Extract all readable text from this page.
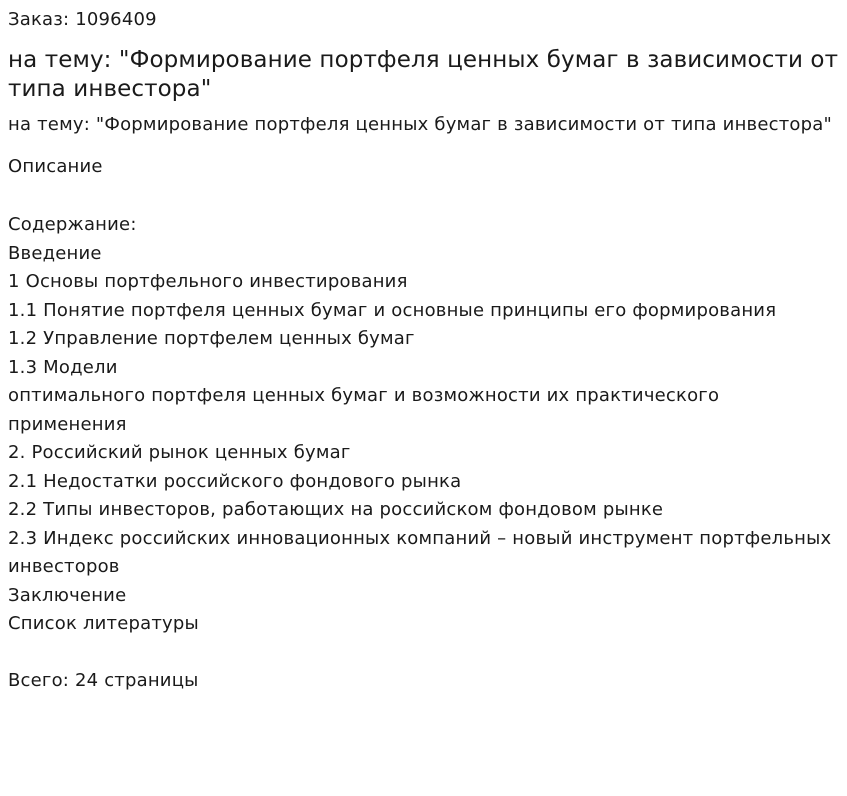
Заказ: 1096409
на тему: "Формирование портфеля ценных бумаг в зависимости от типа инвестора"
на тему: "Формирование портфеля ценных бумаг в зависимости от типа инвестора"
Описание
Содержание:
Введение
1 Основы портфельного инвестирования
1.1 Понятие портфеля ценных бумаг и основные принципы его формирования
1.2 Управление портфелем ценных бумаг
1.3 Модели
оптимального портфеля ценных бумаг и возможности их практического применения
2. Российский рынок ценных бумаг
2.1 Недостатки российского фондового рынка
2.2 Типы инвесторов, работающих на российском фондовом рынке
2.3 Индекс российских инновационных компаний – новый инструмент портфельных инвесторов
Заключение
Список литературы
Всего: 24 страницы
